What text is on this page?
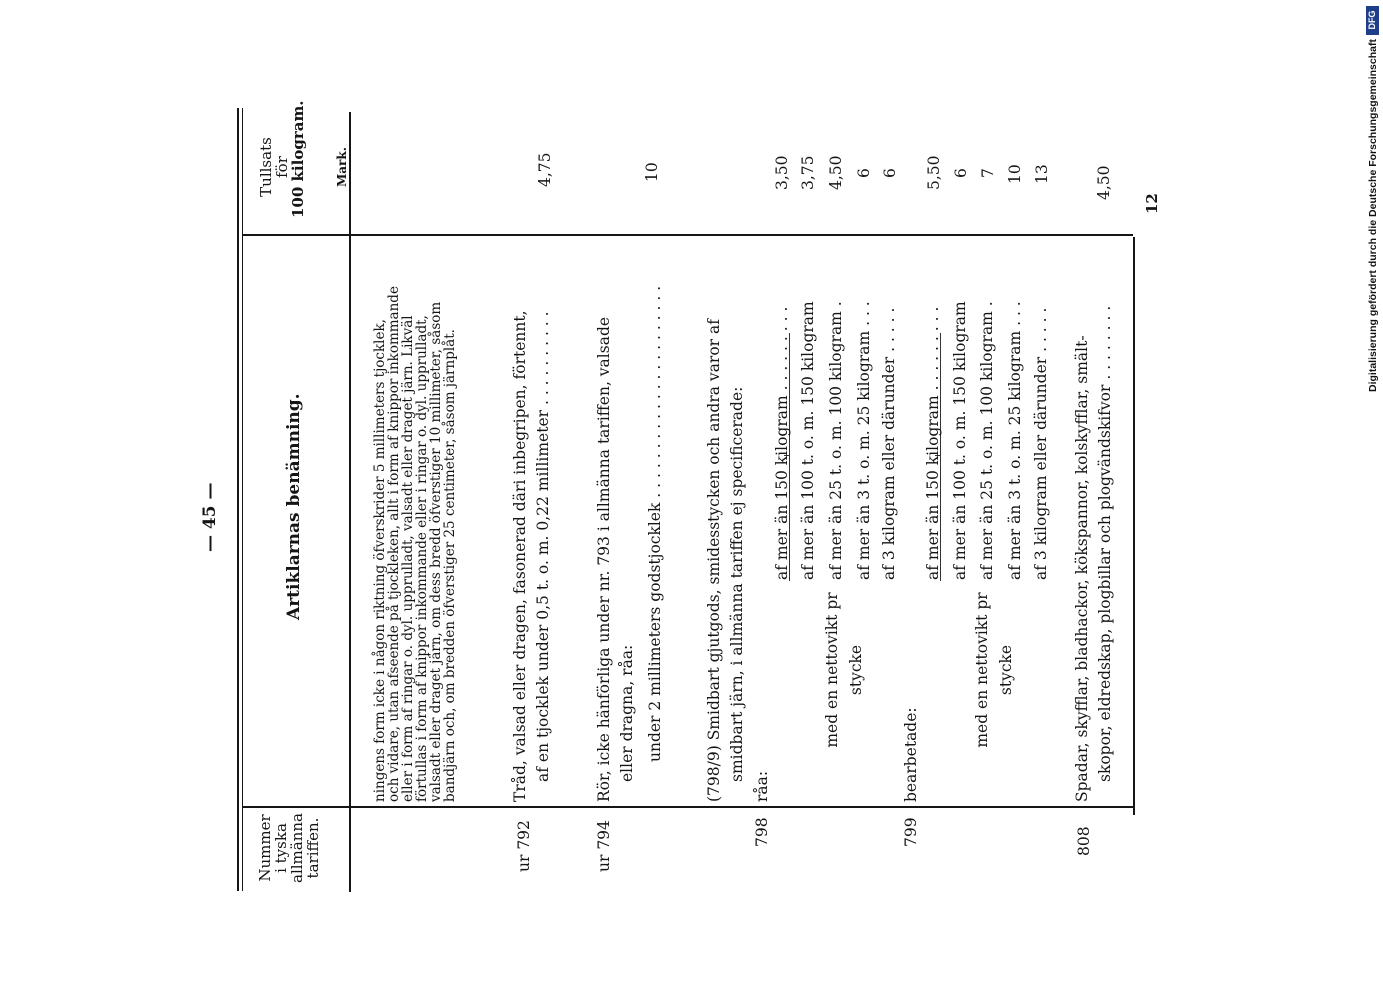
— 45 —
12
Nummer
i tyska
allmänna
tariffen.
Artiklarnas benämning.
Tullsats
för
100 kilogram. Mark.
ningens form icke i någon riktning öfverskrider 5 millimeters tjocklek,
och vidare, utan afseende på tjockleken, allt i form af knippor inkommande
eller i form af ringar o. dyl. upprulladt, valsadt eller draget järn. Likväl
förtullas i form af knippor inkommande eller i ringar o. dyl. upprulladt,
valsadt eller draget järn, om dess bredd öfverstiger 10 millimeter, såsom
bandjärn och, om bredden öfverstiger 25 centimeter, såsom järnplåt.
ur 792
Tråd, valsad eller dragen, fasonerad däri inbegripen, förtennt, af en tjocklek under 0,5 t. o. m. 0,22 millimeter . . . . . . . . . .
4,75
ur 794
Rör, icke hänförliga under nr. 793 i allmänna tariffen, valsade eller dragna, råa: under 2 millimeters godstjocklek . . . . . . . . . . . . . . . . . . . . . .
10
(798/9) Smidbart gjutgods, smidesstycken och andra varor af smidbart järn, i allmänna tariffen ej specificerade:
798
råa:
med en nettovikt pr stycke
af mer än 150 kilogram . . . . . . . . . af mer än 100 t. o. m. 150 kilogram af mer än 25 t. o. m. 100 kilogram . af mer än 3 t. o. m. 25 kilogram . . . af 3 kilogram eller därunder . . . . .
3,50 3,75 4,50 6 6
799
bearbetade:
med en nettovikt pr stycke
af mer än 150 kilogram . . . . . . . . . af mer än 100 t. o. m. 150 kilogram af mer än 25 t. o. m. 100 kilogram . af mer än 3 t. o. m. 25 kilogram . . . af 3 kilogram eller därunder . . . . .
5,50 6 7 10 13
808
Spadar, skyfflar, bladhackor, kökspannor, kolskyfflar, smält- skopor, eldredskap, plogbillar och plogvändskifvor . . . . . . . .
4,50	Digitalisierung gefördert durch die Deutsche Forschungsgemeinschaft
DFG
